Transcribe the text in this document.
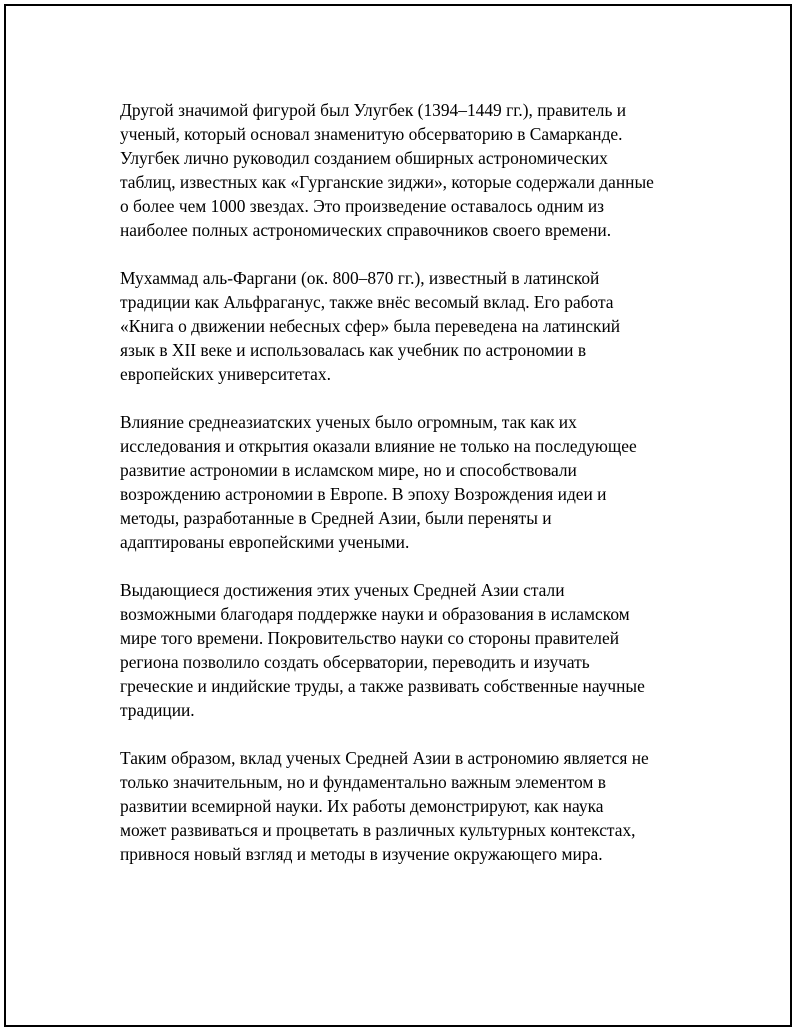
Другой значимой фигурой был Улугбек (1394–1449 гг.), правитель и
ученый, который основал знаменитую обсерваторию в Самарканде.
Улугбек лично руководил созданием обширных астрономических
таблиц, известных как «Гурганские зиджи», которые содержали данные
о более чем 1000 звездах. Это произведение оставалось одним из
наиболее полных астрономических справочников своего времени.

Мухаммад аль-Фаргани (ок. 800–870 гг.), известный в латинской
традиции как Альфраганус, также внёс весомый вклад. Его работа
«Книга о движении небесных сфер» была переведена на латинский
язык в XII веке и использовалась как учебник по астрономии в
европейских университетах.

Влияние среднеазиатских ученых было огромным, так как их
исследования и открытия оказали влияние не только на последующее
развитие астрономии в исламском мире, но и способствовали
возрождению астрономии в Европе. В эпоху Возрождения идеи и
методы, разработанные в Средней Азии, были переняты и
адаптированы европейскими учеными.

Выдающиеся достижения этих ученых Средней Азии стали
возможными благодаря поддержке науки и образования в исламском
мире того времени. Покровительство науки со стороны правителей
региона позволило создать обсерватории, переводить и изучать
греческие и индийские труды, а также развивать собственные научные
традиции.

Таким образом, вклад ученых Средней Азии в астрономию является не
только значительным, но и фундаментально важным элементом в
развитии всемирной науки. Их работы демонстрируют, как наука
может развиваться и процветать в различных культурных контекстах,
привнося новый взгляд и методы в изучение окружающего мира.
